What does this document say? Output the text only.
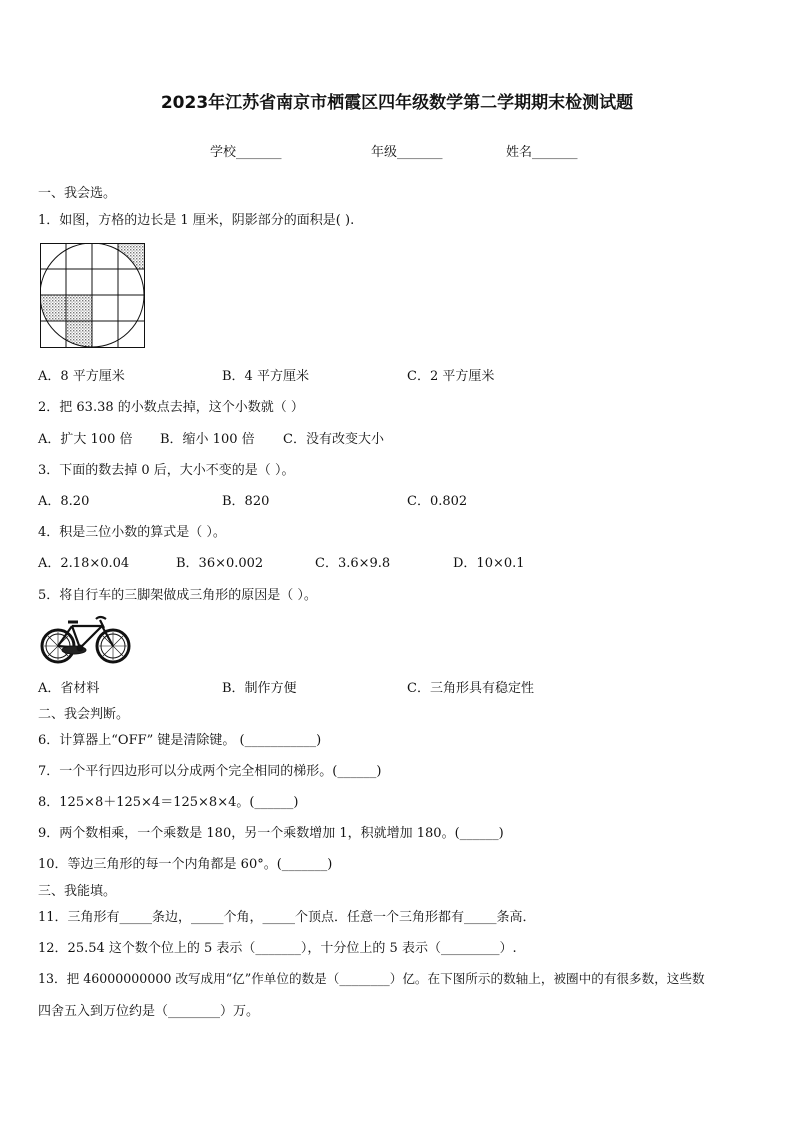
2023年江苏省南京市栖霞区四年级数学第二学期期末检测试题
学校_______	年级_______	姓名_______
一、我会选。
1．如图，方格的边长是 1 厘米，阴影部分的面积是( ).
A．8 平方厘米	B．4 平方厘米	C．2 平方厘米
2．把 63.38 的小数点去掉，这个小数就（ ）
A．扩大 100 倍 B．缩小 100 倍 C．没有改变大小
3．下面的数去掉 0 后，大小不变的是（ ）。
A．8.20	B．820	C．0.802
4．积是三位小数的算式是（ ）。
A．2.18×0.04	B．36×0.002	C．3.6×9.8	D．10×0.1
5．将自行车的三脚架做成三角形的原因是（ ）。
A．省材料	B．制作方便	C．三角形具有稳定性
二、我会判断。
6．计算器上“OFF” 键是清除键。 (___________)
7．一个平行四边形可以分成两个完全相同的梯形。(______)
8．125×8＋125×4＝125×8×4。(______)
9．两个数相乘，一个乘数是 180，另一个乘数增加 1，积就增加 180。(______)
10．等边三角形的每一个内角都是 60°。(_______)
三、我能填。
11．三角形有_____条边，_____个角，_____个顶点．任意一个三角形都有_____条高．
12．25.54 这个数个位上的 5 表示（_______），十分位上的 5 表示（_________）.
13．把 46000000000 改写成用“亿”作单位的数是（________）亿。在下图所示的数轴上，被圈中的有很多数，这些数
四舍五入到万位约是（________）万。
